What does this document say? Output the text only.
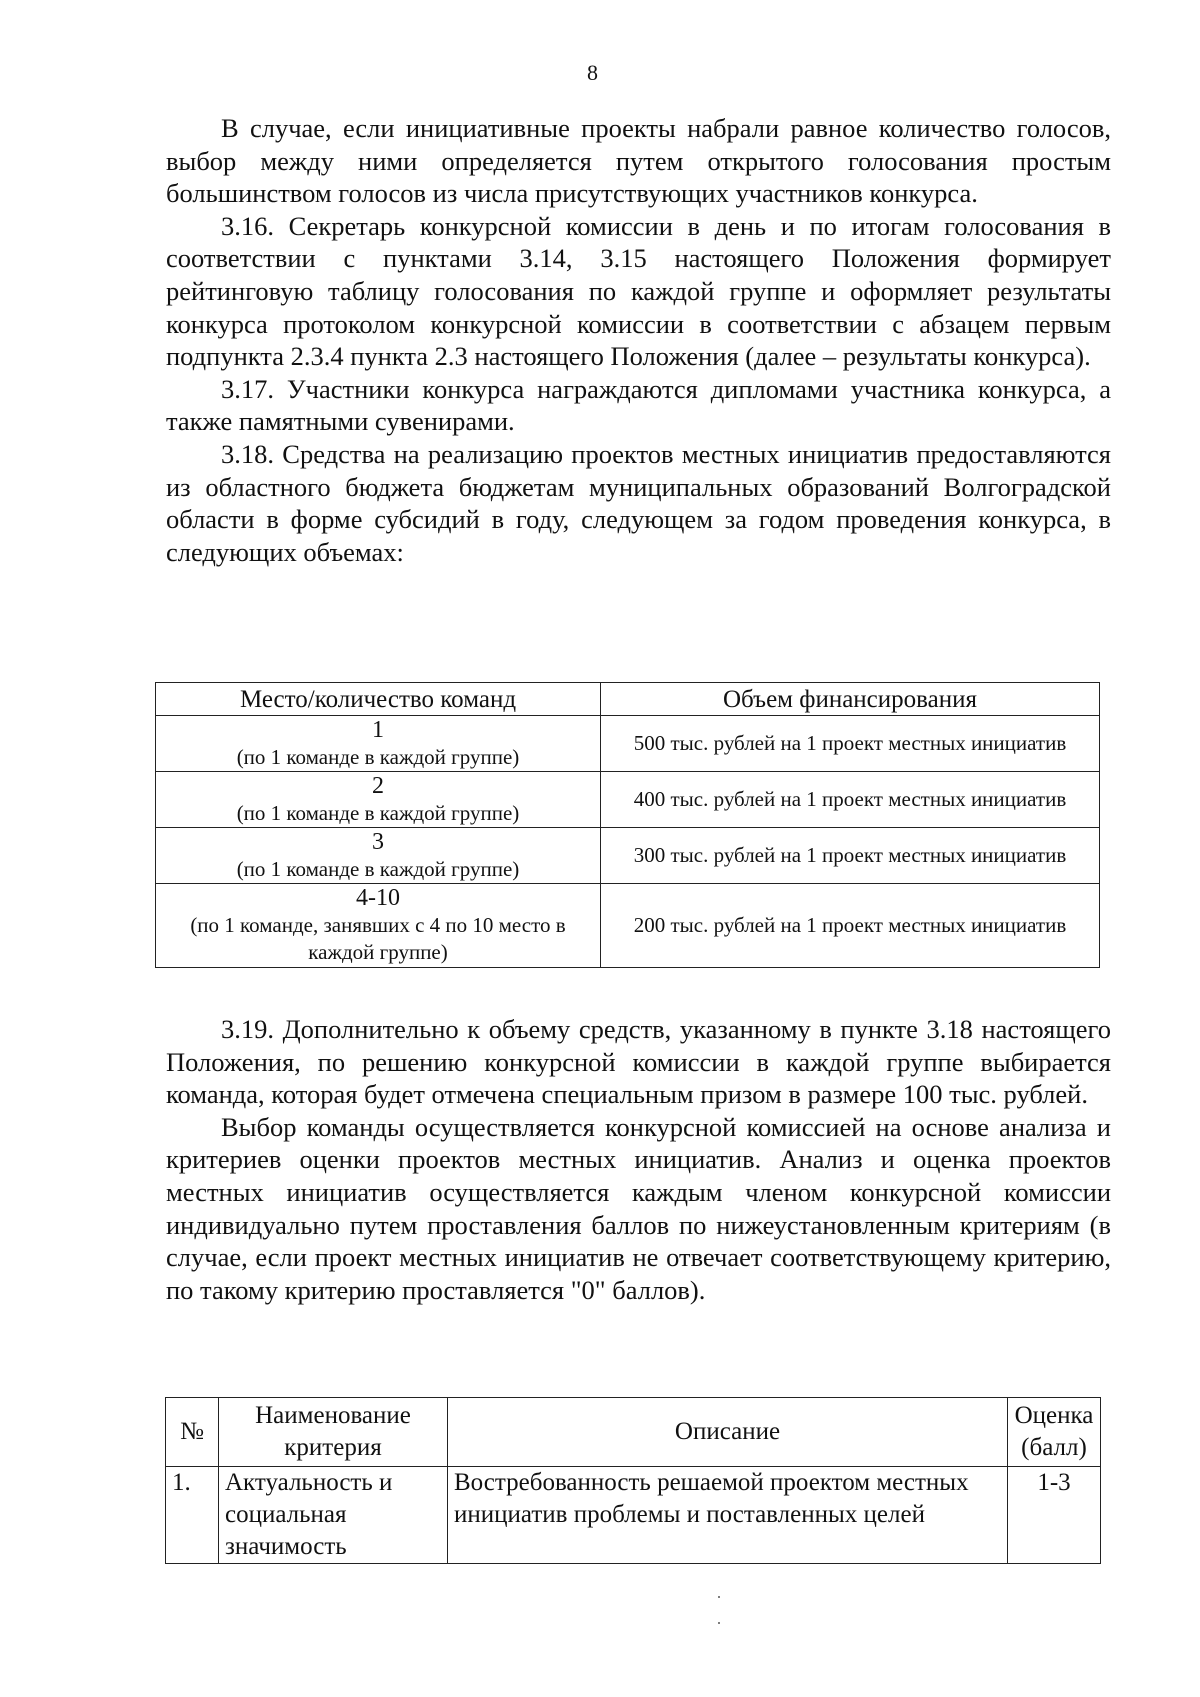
8

В случае, если инициативные проекты набрали равное количество голосов, выбор между ними определяется путем открытого голосования простым большинством голосов из числа присутствующих участников конкурса.

3.16. Секретарь конкурсной комиссии в день и по итогам голосования в соответствии с пунктами 3.14, 3.15 настоящего Положения формирует рейтинговую таблицу голосования по каждой группе и оформляет результаты конкурса протоколом конкурсной комиссии в соответствии с абзацем первым подпункта 2.3.4 пункта 2.3 настоящего Положения (далее – результаты конкурса).

3.17. Участники конкурса награждаются дипломами участника конкурса, а также памятными сувенирами.

3.18. Средства на реализацию проектов местных инициатив предоставляются из областного бюджета бюджетам муниципальных образований Волгоградской области в форме субсидий в году, следующем за годом проведения конкурса, в следующих объемах:

Место/количество команд	Объем финансирования

1
(по 1 команде в каждой группе)	500 тыс. рублей на 1 проект местных инициатив

2
(по 1 команде в каждой группе)	400 тыс. рублей на 1 проект местных инициатив

3
(по 1 команде в каждой группе)	300 тыс. рублей на 1 проект местных инициатив

4-10
(по 1 команде, занявших с 4 по 10 место в каждой группе)	200 тыс. рублей на 1 проект местных инициатив

3.19. Дополнительно к объему средств, указанному в пункте 3.18 настоящего Положения, по решению конкурсной комиссии в каждой группе выбирается команда, которая будет отмечена специальным призом в размере 100 тыс. рублей.

Выбор команды осуществляется конкурсной комиссией на основе анализа и критериев оценки проектов местных инициатив. Анализ и оценка проектов местных инициатив осуществляется каждым членом конкурсной комиссии индивидуально путем проставления баллов по нижеустановленным критериям (в случае, если проект местных инициатив не отвечает соответствующему критерию, по такому критерию проставляется "0" баллов).

№	Наименование критерия	Описание	Оценка (балл)
1.	Актуальность и социальная значимость	Востребованность решаемой проектом местных инициатив проблемы и поставленных целей	1-3
